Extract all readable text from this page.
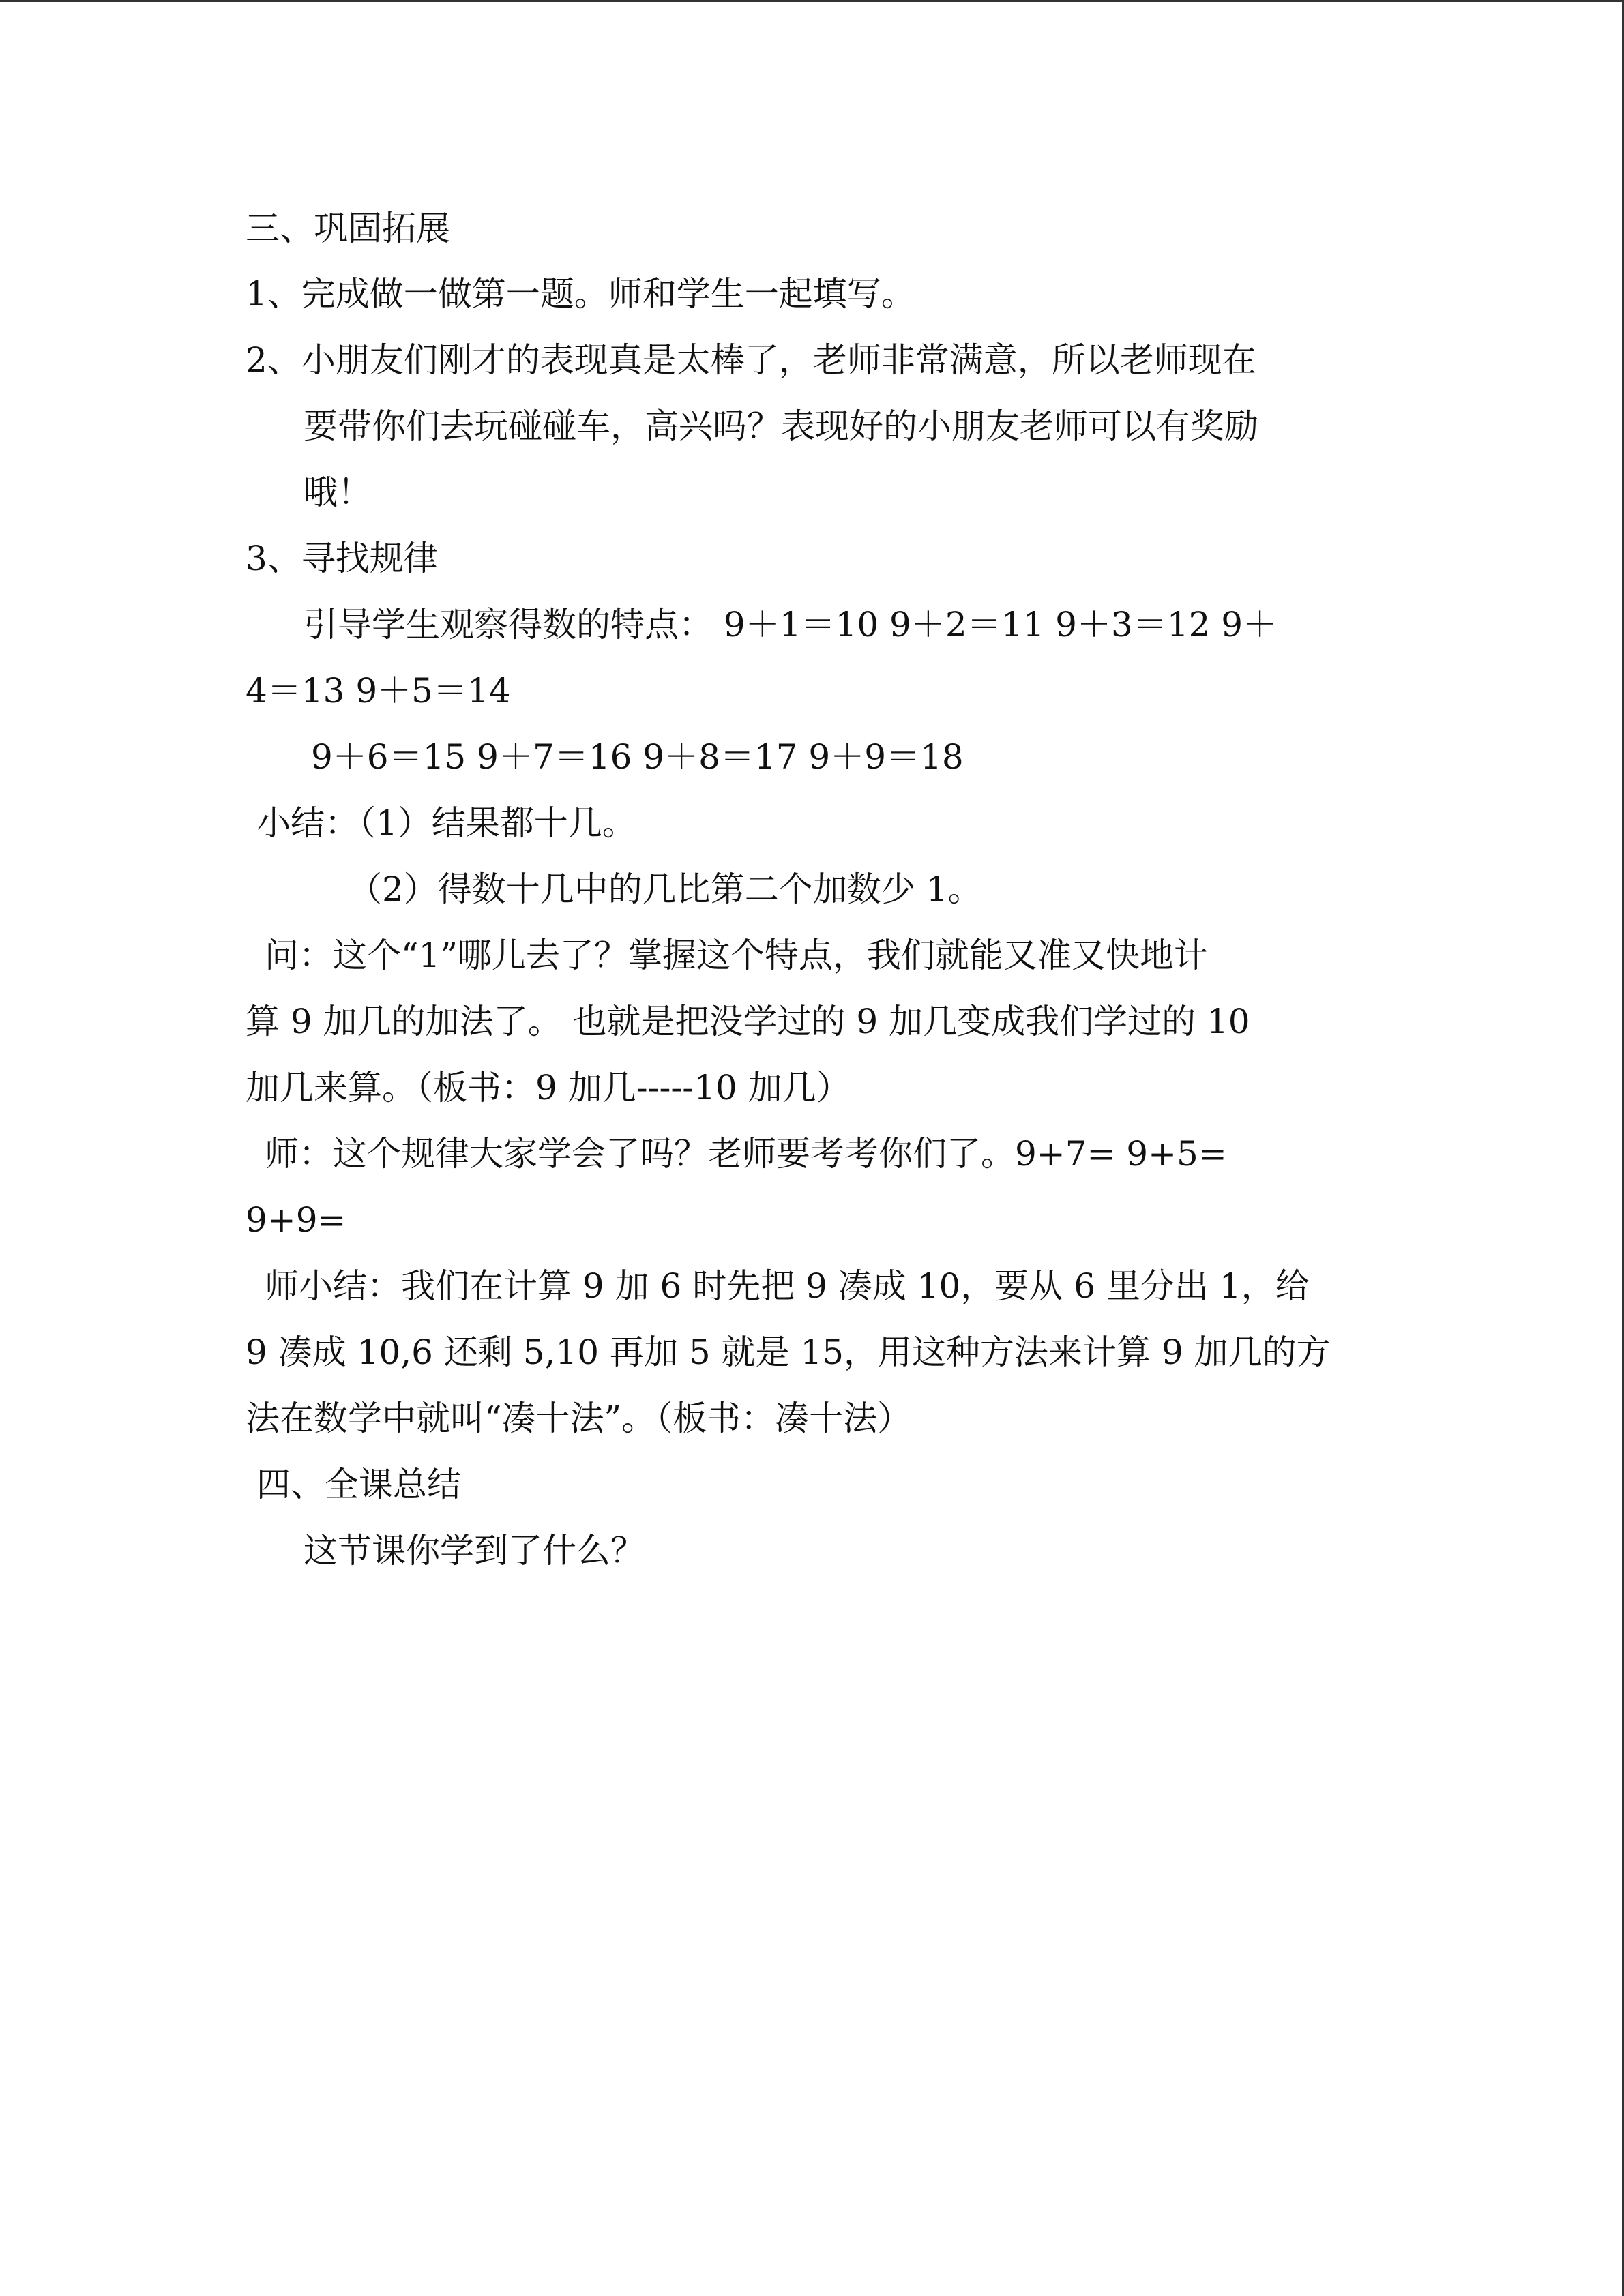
三、巩固拓展
1、完成做一做第一题。师和学生一起填写。
2、小朋友们刚才的表现真是太棒了，老师非常满意，所以老师现在
要带你们去玩碰碰车，高兴吗？表现好的小朋友老师可以有奖励
哦！
3、寻找规律
引导学生观察得数的特点： 9＋1＝10 9＋2＝11 9＋3＝12 9＋
4＝13 9＋5＝14
9＋6＝15 9＋7＝16 9＋8＝17 9＋9＝18
小结：（1）结果都十几。
（2）得数十几中的几比第二个加数少 1。
问：这个“1”哪儿去了？掌握这个特点，我们就能又准又快地计
算 9 加几的加法了。 也就是把没学过的 9 加几变成我们学过的 10
加几来算。（板书：9 加几-----10 加几）
师：这个规律大家学会了吗？老师要考考你们了。9+7= 9+5=
9+9=
师小结：我们在计算 9 加 6 时先把 9 凑成 10，要从 6 里分出 1，给
9 凑成 10,6 还剩 5,10 再加 5 就是 15，用这种方法来计算 9 加几的方
法在数学中就叫“凑十法”。（板书：凑十法）
四、全课总结
这节课你学到了什么？
